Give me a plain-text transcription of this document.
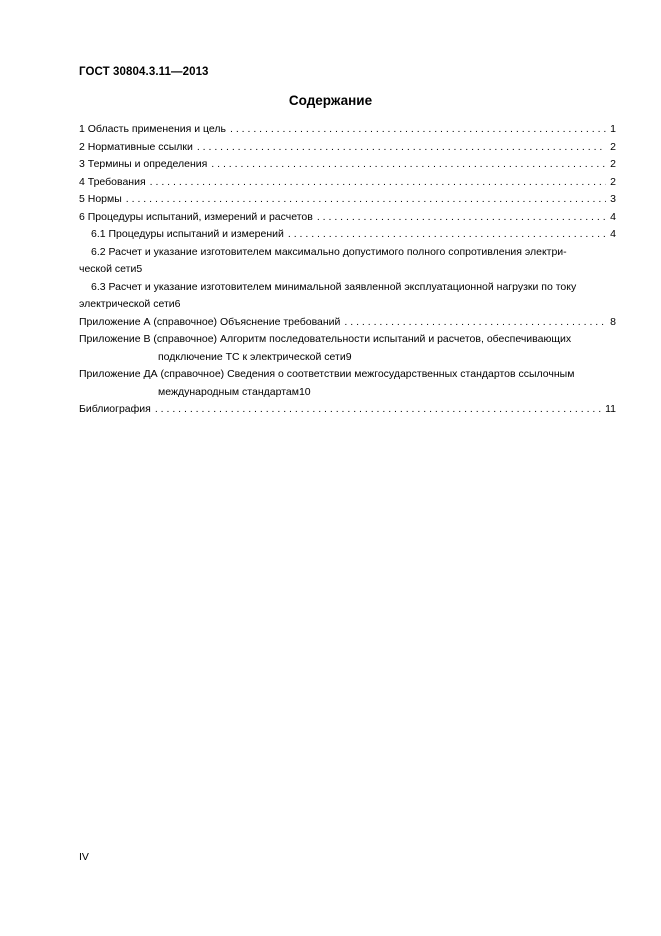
ГОСТ 30804.3.11—2013
Содержание
1 Область применения и цель . . .	1
2 Нормативные ссылки . . .	2
3 Термины и определения . . .	2
4 Требования . . .	2
5 Нормы . . .	3
6 Процедуры испытаний, измерений и расчетов . . .	4
6.1 Процедуры испытаний и измерений . . .	4
6.2 Расчет и указание изготовителем максимально допустимого полного сопротивления электри-
ческой сети 5
6.3 Расчет и указание изготовителем минимальной заявленной эксплуатационной нагрузки по току
электрической сети 6
Приложение А (справочное) Объяснение требований . . .	8
Приложение В (справочное) Алгоритм последовательности испытаний и расчетов, обеспечивающих
подключение ТС к электрической сети 9
Приложение ДА (справочное) Сведения о соответствии межгосударственных стандартов ссылочным
международным стандартам 10
Библиография . . .	11
IV
